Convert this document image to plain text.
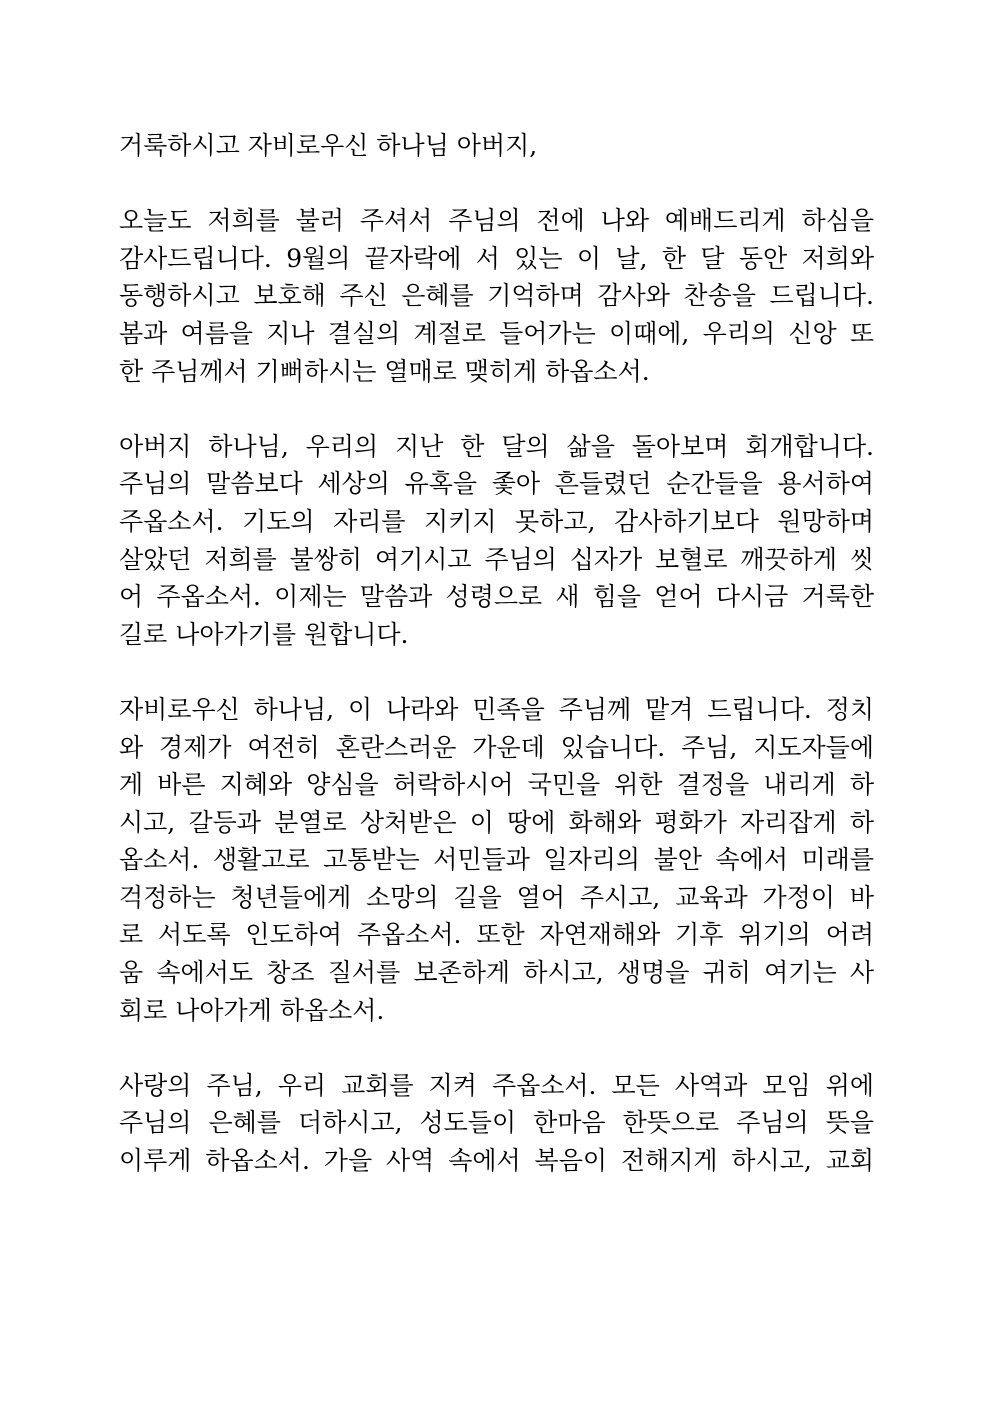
거룩하시고 자비로우신 하나님 아버지,
오늘도 저희를 불러 주셔서 주님의 전에 나와 예배드리게 하심을
감사드립니다. 9월의 끝자락에 서 있는 이 날, 한 달 동안 저희와
동행하시고 보호해 주신 은혜를 기억하며 감사와 찬송을 드립니다.
봄과 여름을 지나 결실의 계절로 들어가는 이때에, 우리의 신앙 또
한 주님께서 기뻐하시는 열매로 맺히게 하옵소서.
아버지 하나님, 우리의 지난 한 달의 삶을 돌아보며 회개합니다.
주님의 말씀보다 세상의 유혹을 좇아 흔들렸던 순간들을 용서하여
주옵소서. 기도의 자리를 지키지 못하고, 감사하기보다 원망하며
살았던 저희를 불쌍히 여기시고 주님의 십자가 보혈로 깨끗하게 씻
어 주옵소서. 이제는 말씀과 성령으로 새 힘을 얻어 다시금 거룩한
길로 나아가기를 원합니다.
자비로우신 하나님, 이 나라와 민족을 주님께 맡겨 드립니다. 정치
와 경제가 여전히 혼란스러운 가운데 있습니다. 주님, 지도자들에
게 바른 지혜와 양심을 허락하시어 국민을 위한 결정을 내리게 하
시고, 갈등과 분열로 상처받은 이 땅에 화해와 평화가 자리잡게 하
옵소서. 생활고로 고통받는 서민들과 일자리의 불안 속에서 미래를
걱정하는 청년들에게 소망의 길을 열어 주시고, 교육과 가정이 바
로 서도록 인도하여 주옵소서. 또한 자연재해와 기후 위기의 어려
움 속에서도 창조 질서를 보존하게 하시고, 생명을 귀히 여기는 사
회로 나아가게 하옵소서.
사랑의 주님, 우리 교회를 지켜 주옵소서. 모든 사역과 모임 위에
주님의 은혜를 더하시고, 성도들이 한마음 한뜻으로 주님의 뜻을
이루게 하옵소서. 가을 사역 속에서 복음이 전해지게 하시고, 교회
